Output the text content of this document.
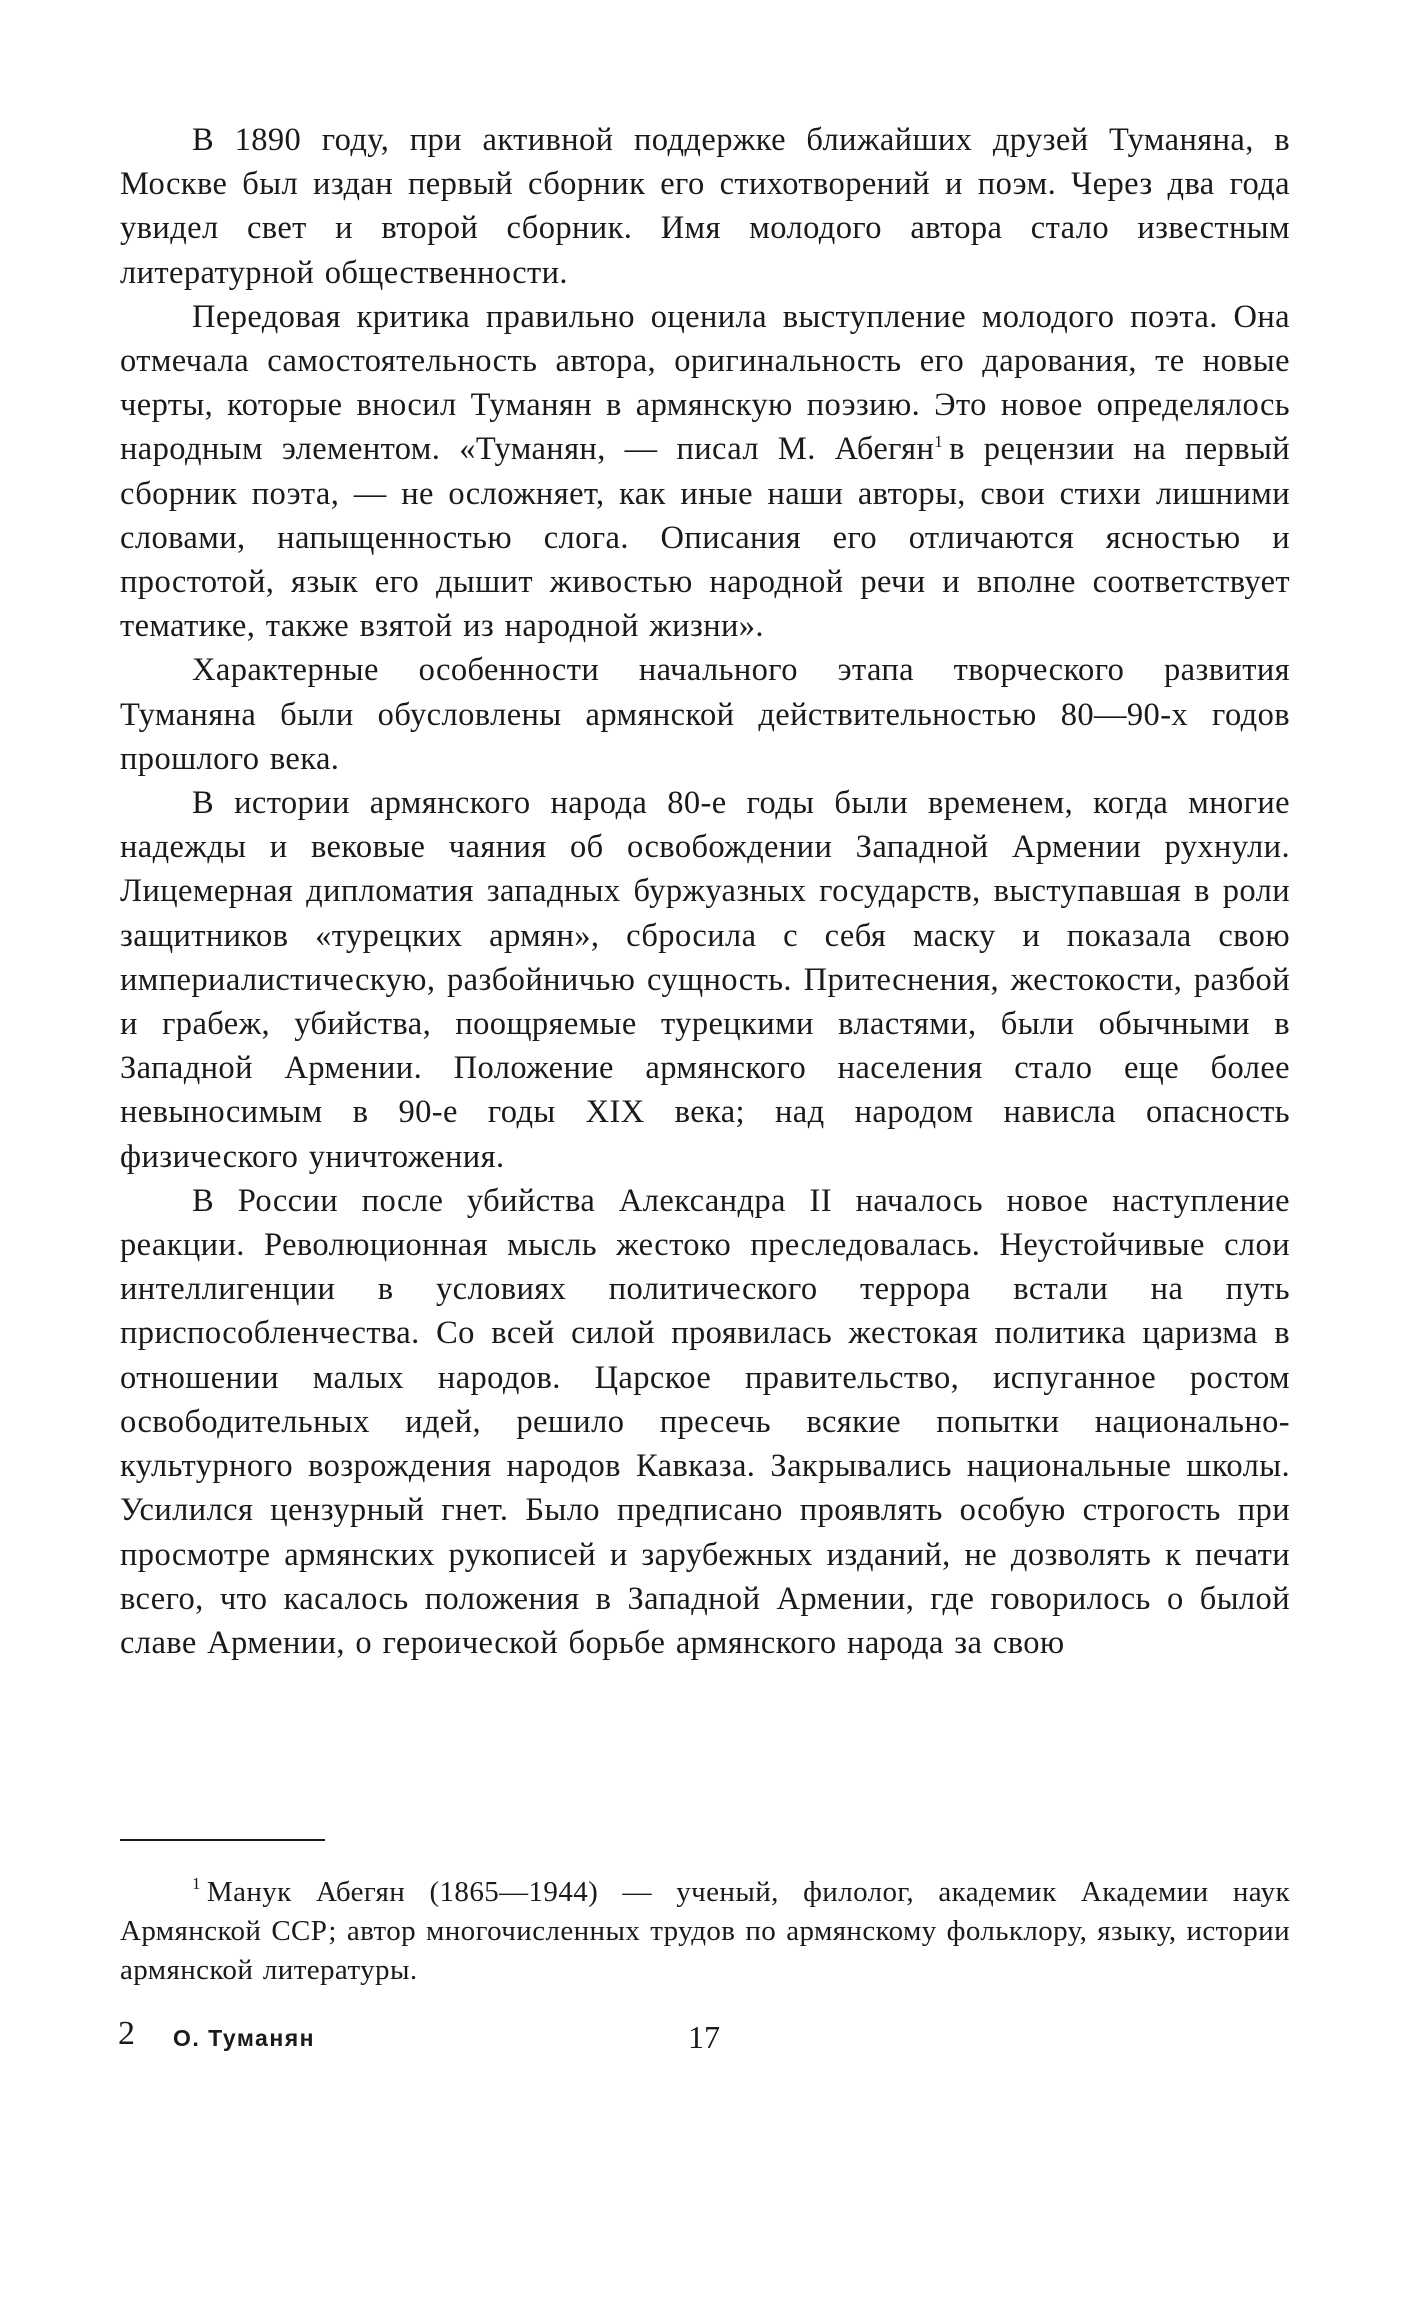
В 1890 году, при активной поддержке ближайших друзей Туманяна, в Москве был издан первый сборник его стихотворений и поэм. Через два года увидел свет и второй сборник. Имя молодого автора стало известным литературной общественности.

Передовая критика правильно оценила выступление молодого поэта. Она отмечала самостоятельность автора, оригинальность его дарования, те новые черты, которые вносил Туманян в армянскую поэзию. Это новое определялось народным элементом. «Туманян, — писал М. Абегян$^1$ в рецензии на первый сборник поэта, — не осложняет, как иные наши авторы, свои стихи лишними словами, напыщенностью слога. Описания его отличаются ясностью и простотой, язык его дышит живостью народной речи и вполне соответствует тематике, также взятой из народной жизни».

Характерные особенности начального этапа творческого развития Туманяна были обусловлены армянской действительностью 80—90-х годов прошлого века.

В истории армянского народа 80-е годы были временем, когда многие надежды и вековые чаяния об освобождении Западной Армении рухнули. Лицемерная дипломатия западных буржуазных государств, выступавшая в роли защитников «турецких армян», сбросила с себя маску и показала свою империалистическую, разбойничью сущность. Притеснения, жестокости, разбой и грабеж, убийства, поощряемые турецкими властями, были обычными в Западной Армении. Положение армянского населения стало еще более невыносимым в 90-е годы XIX века; над народом нависла опасность физического уничтожения.

В России после убийства Александра II началось новое наступление реакции. Революционная мысль жестоко преследовалась. Неустойчивые слои интеллигенции в условиях политического террора встали на путь приспособленчества. Со всей силой проявилась жестокая политика царизма в отношении малых народов. Царское правительство, испуганное ростом освободительных идей, решило пресечь всякие попытки национально-культурного возрождения народов Кавказа. Закрывались национальные школы. Усилился цензурный гнет. Было предписано проявлять особую строгость при просмотре армянских рукописей и зарубежных изданий, не дозволять к печати всего, что касалось положения в Западной Армении, где говорилось о былой славе Армении, о героической борьбе армянского народа за свою

$^1$ Манук Абегян (1865—1944) — ученый, филолог, академик Академии наук Армянской ССР; автор многочисленных трудов по армянскому фольклору, языку, истории армянской литературы.

2 О. Туманян	17
